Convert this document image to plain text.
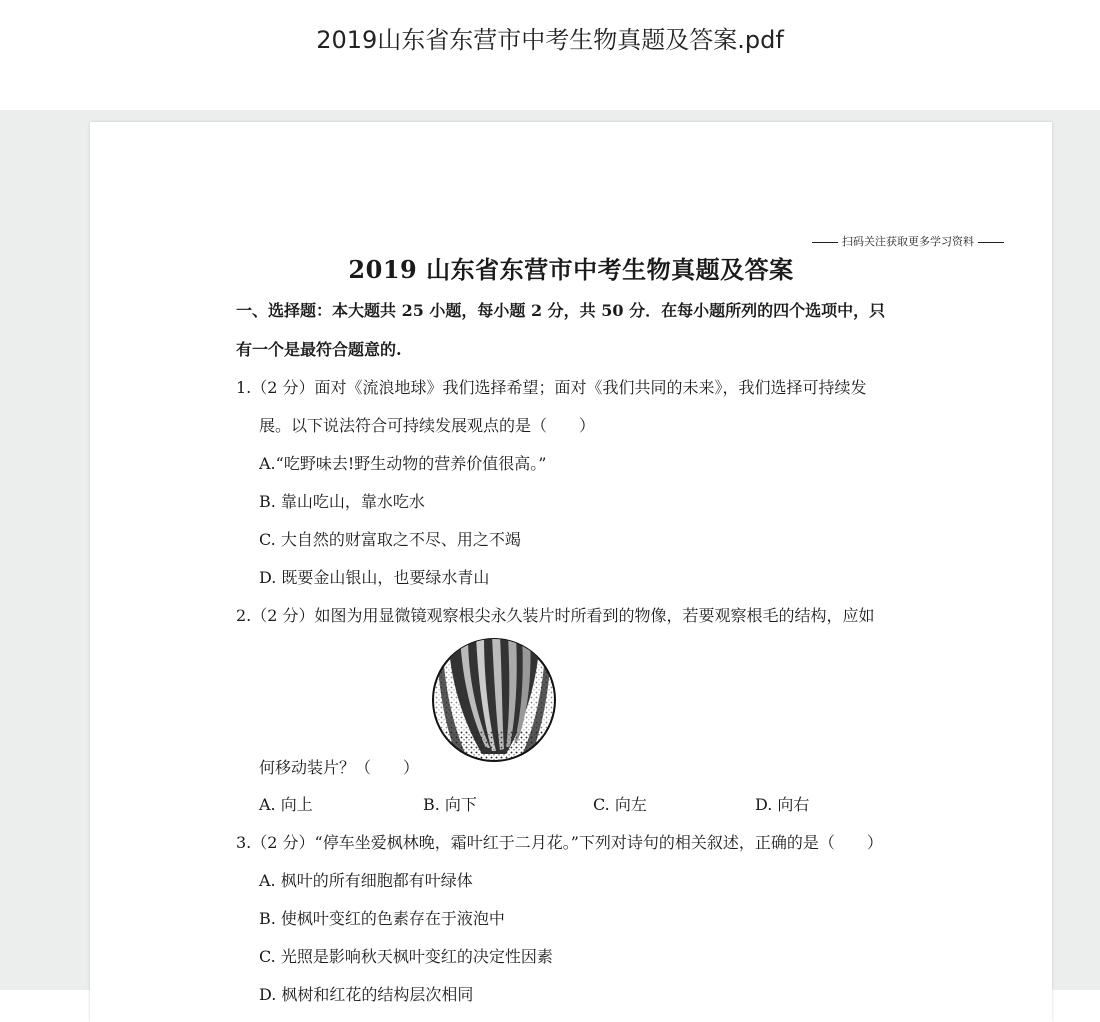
2019山东省东营市中考生物真题及答案.pdf
扫码关注获取更多学习资料
2019 山东省东营市中考生物真题及答案
一、选择题：本大题共 25 小题，每小题 2 分，共 50 分．在每小题所列的四个选项中，只
有一个是最符合题意的.
1.（2 分）面对《流浪地球》我们选择希望；面对《我们共同的未来》，我们选择可持续发
展。以下说法符合可持续发展观点的是（　　）
A.“吃野味去!野生动物的营养价值很高。”
B. 靠山吃山，靠水吃水
C. 大自然的财富取之不尽、用之不竭
D. 既要金山银山，也要绿水青山
2.（2 分）如图为用显微镜观察根尖永久装片时所看到的物像，若要观察根毛的结构，应如
何移动装片？（　　）
A. 向上	B. 向下	C. 向左	D. 向右
3.（2 分）“停车坐爱枫林晚，霜叶红于二月花。”下列对诗句的相关叙述，正确的是（　　）
A. 枫叶的所有细胞都有叶绿体
B. 使枫叶变红的色素存在于液泡中
C. 光照是影响秋天枫叶变红的决定性因素
D. 枫树和红花的结构层次相同
